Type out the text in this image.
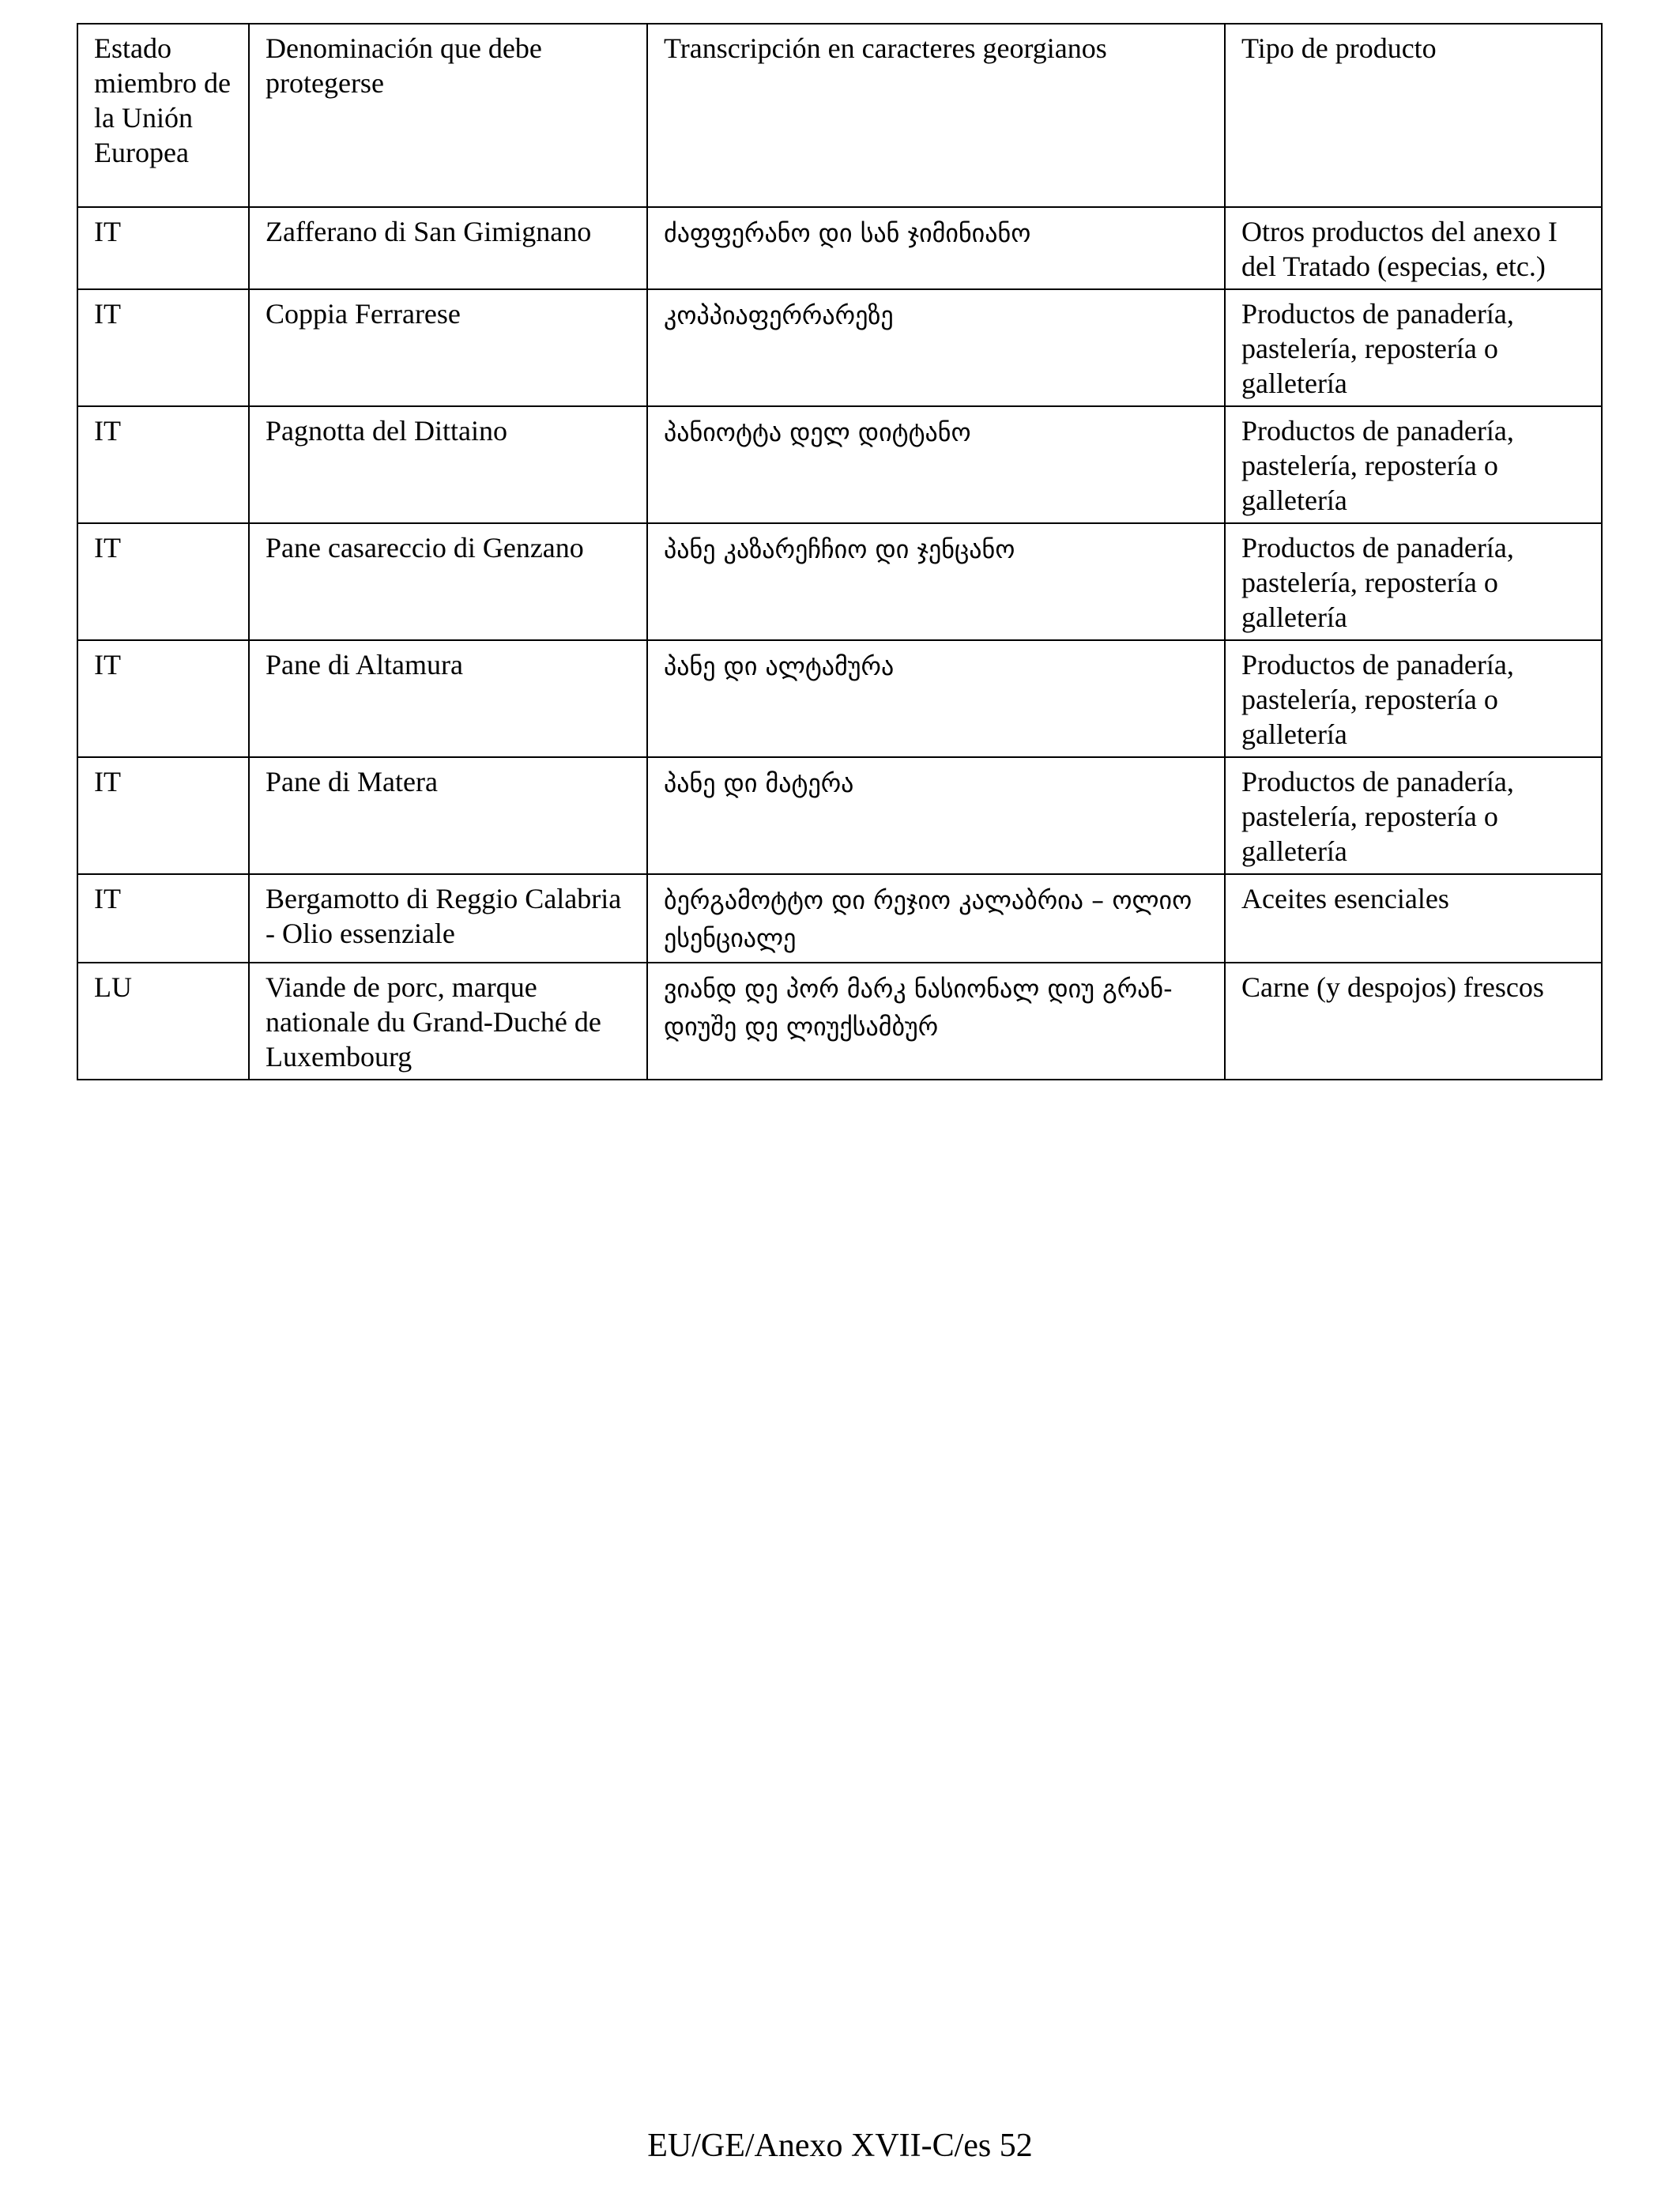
Estado miembro de la Unión Europea	Denominación que debe protegerse	Transcripción en caracteres georgianos	Tipo de producto
IT	Zafferano di San Gimignano	ძაფფერანო დი სან ჯიმინიანო	Otros productos del anexo I del Tratado (especias, etc.)
IT	Coppia Ferrarese	კოპპიაფერრარეზე	Productos de panadería, pastelería, repostería o galletería
IT	Pagnotta del Dittaino	პანიოტტა დელ დიტტანო	Productos de panadería, pastelería, repostería o galletería
IT	Pane casareccio di Genzano	პანე კაზარეჩჩიო დი ჯენცანო	Productos de panadería, pastelería, repostería o galletería
IT	Pane di Altamura	პანე დი ალტამურა	Productos de panadería, pastelería, repostería o galletería
IT	Pane di Matera	პანე დი მატერა	Productos de panadería, pastelería, repostería o galletería
IT	Bergamotto di Reggio Calabria - Olio essenziale	ბერგამოტტო დი რეჯიო კალაბრია – ოლიო ესენციალე	Aceites esenciales
LU	Viande de porc, marque nationale du Grand-Duché de Luxembourg	ვიანდ დე პორ მარკ ნასიონალ დიუ გრან-დიუშე დე ლიუქსამბურ	Carne (y despojos) frescos
EU/GE/Anexo XVII-C/es 52
